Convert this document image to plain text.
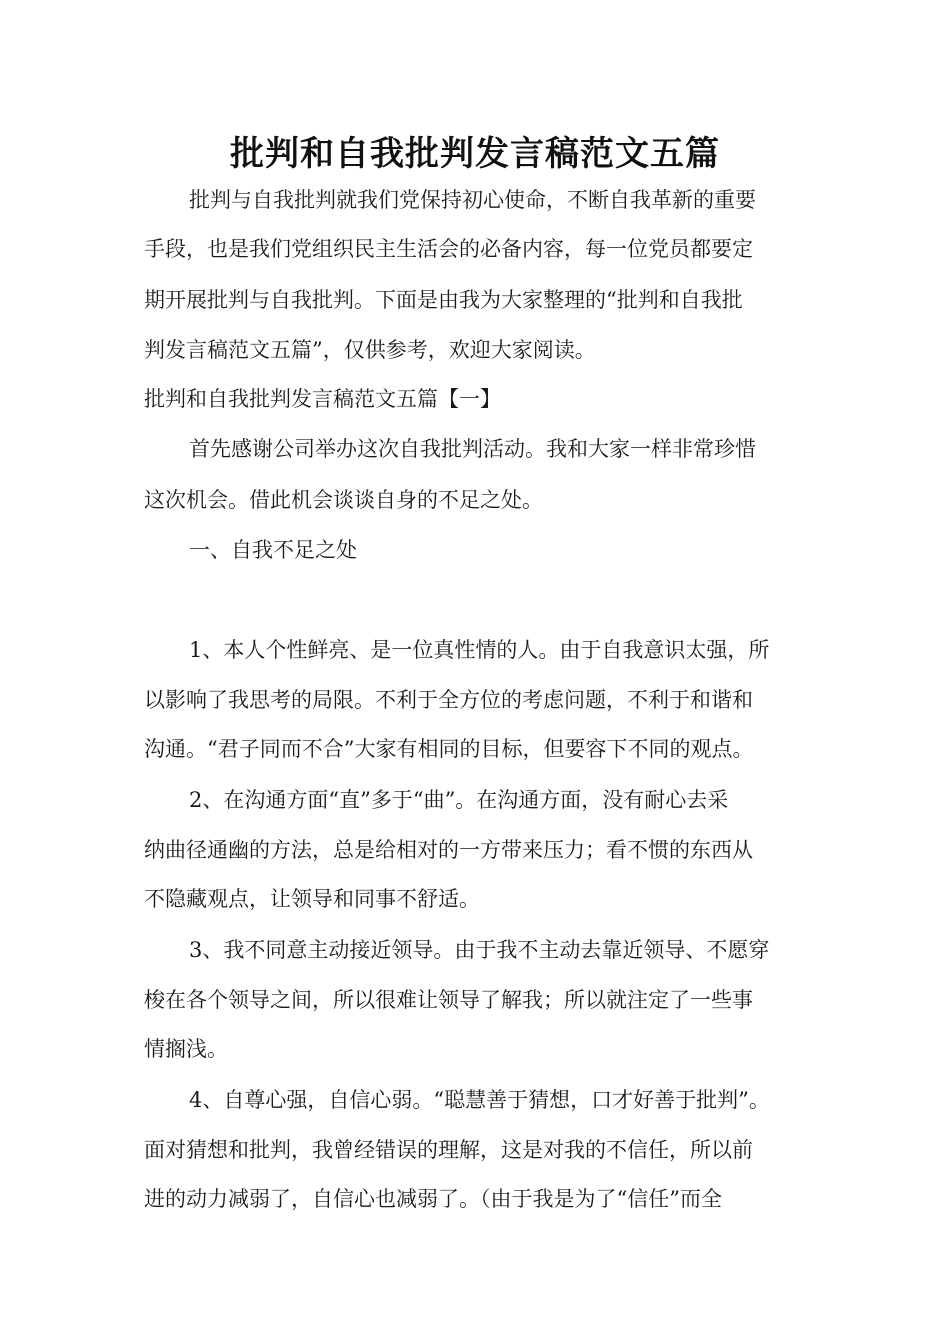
批判和自我批判发言稿范文五篇

批判与自我批判就我们党保持初心使命，不断自我革新的重要

手段，也是我们党组织民主生活会的必备内容，每一位党员都要定

期开展批判与自我批判。下面是由我为大家整理的“批判和自我批

判发言稿范文五篇”，仅供参考，欢迎大家阅读。

批判和自我批判发言稿范文五篇【一】

首先感谢公司举办这次自我批判活动。我和大家一样非常珍惜

这次机会。借此机会谈谈自身的不足之处。

一、自我不足之处

1、本人个性鲜亮、是一位真性情的人。由于自我意识太强，所

以影响了我思考的局限。不利于全方位的考虑问题，不利于和谐和

沟通。“君子同而不合”大家有相同的目标，但要容下不同的观点。

2、在沟通方面“直”多于“曲”。在沟通方面，没有耐心去采

纳曲径通幽的方法，总是给相对的一方带来压力；看不惯的东西从

不隐藏观点，让领导和同事不舒适。

3、我不同意主动接近领导。由于我不主动去靠近领导、不愿穿

梭在各个领导之间，所以很难让领导了解我；所以就注定了一些事

情搁浅。

4、自尊心强，自信心弱。“聪慧善于猜想，口才好善于批判”。

面对猜想和批判，我曾经错误的理解，这是对我的不信任，所以前

进的动力减弱了，自信心也减弱了。（由于我是为了“信任”而全
